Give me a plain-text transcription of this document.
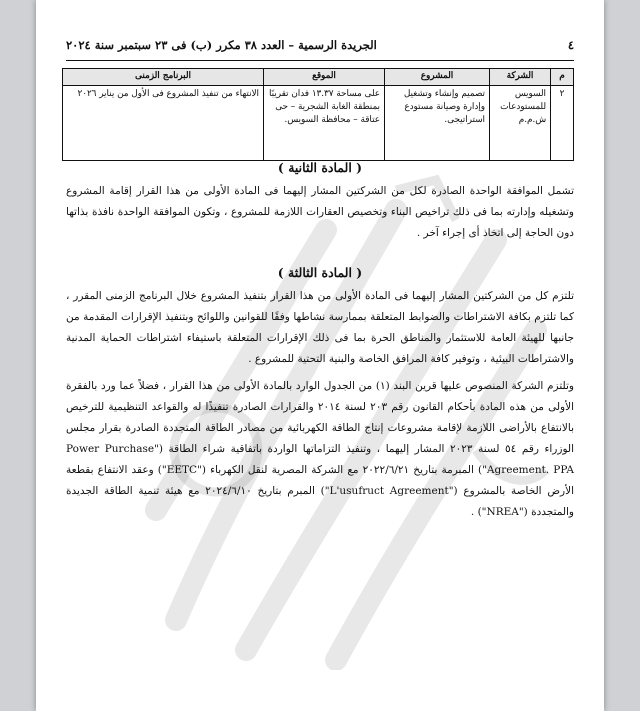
٤
الجريدة الرسمية – العدد ٣٨ مكرر (ب) فى ٢٣ سبتمبر سنة ٢٠٢٤
م	الشركة	المشروع	الموقع	البرنامج الزمنى
٢	السويس للمستودعات ش.م.م	تصميم وإنشاء وتشغيل وإدارة وصيانة مستودع استراتيجى.	على مساحة ١٣.٣٧ فدان تقريبًا بمنطقة الغابة الشجرية – حى عتاقة – محافظة السويس.	الانتهاء من تنفيذ المشروع فى الأول من يناير ٢٠٢٦
( المادة الثانية )

تشمل الموافقة الواحدة الصادرة لكل من الشركتين المشار إليهما فى المادة الأولى من هذا القرار إقامة المشروع وتشغيله وإدارته بما فى ذلك تراخيص البناء وتخصيص العقارات اللازمة للمشروع ، وتكون الموافقة الواحدة نافذة بذاتها دون الحاجة إلى اتخاذ أى إجراء آخر .

( المادة الثالثة )

تلتزم كل من الشركتين المشار إليهما فى المادة الأولى من هذا القرار بتنفيذ المشروع خلال البرنامج الزمنى المقرر ، كما تلتزم بكافة الاشتراطات والضوابط المتعلقة بممارسة نشاطها وفقًا للقوانين واللوائح وبتنفيذ الإقرارات المقدمة من جانبها للهيئة العامة للاستثمار والمناطق الحرة بما فى ذلك الإقرارات المتعلقة باستيفاء اشتراطات الحماية المدنية والاشتراطات البيئية ، وتوفير كافة المرافق الخاصة والبنية التحتية للمشروع .

وتلتزم الشركة المنصوص عليها قرين البند (١) من الجدول الوارد بالمادة الأولى من هذا القرار ، فضلاً عما ورد بالفقرة الأولى من هذه المادة بأحكام القانون رقم ٢٠٣ لسنة ٢٠١٤ والقرارات الصادرة تنفيذًا له والقواعد التنظيمية للترخيص بالانتفاع بالأراضى اللازمة لإقامة مشروعات إنتاج الطاقة الكهربائية من مصادر الطاقة المتجددة الصادرة بقرار مجلس الوزراء رقم ٥٤ لسنة ٢٠٢٣ المشار إليهما ، وتنفيذ التزاماتها الواردة باتفاقية شراء الطاقة ("Power Purchase Agreement. PPA") المبرمة بتاريخ ٢٠٢٢/٦/٢١ مع الشركة المصرية لنقل الكهرباء ("EETC") وعقد الانتفاع بقطعة الأرض الخاصة بالمشروع ("L'usufruct Agreement") المبرم بتاريخ ٢٠٢٤/٦/١٠ مع هيئة تنمية الطاقة الجديدة والمتجددة ("NREA") .
